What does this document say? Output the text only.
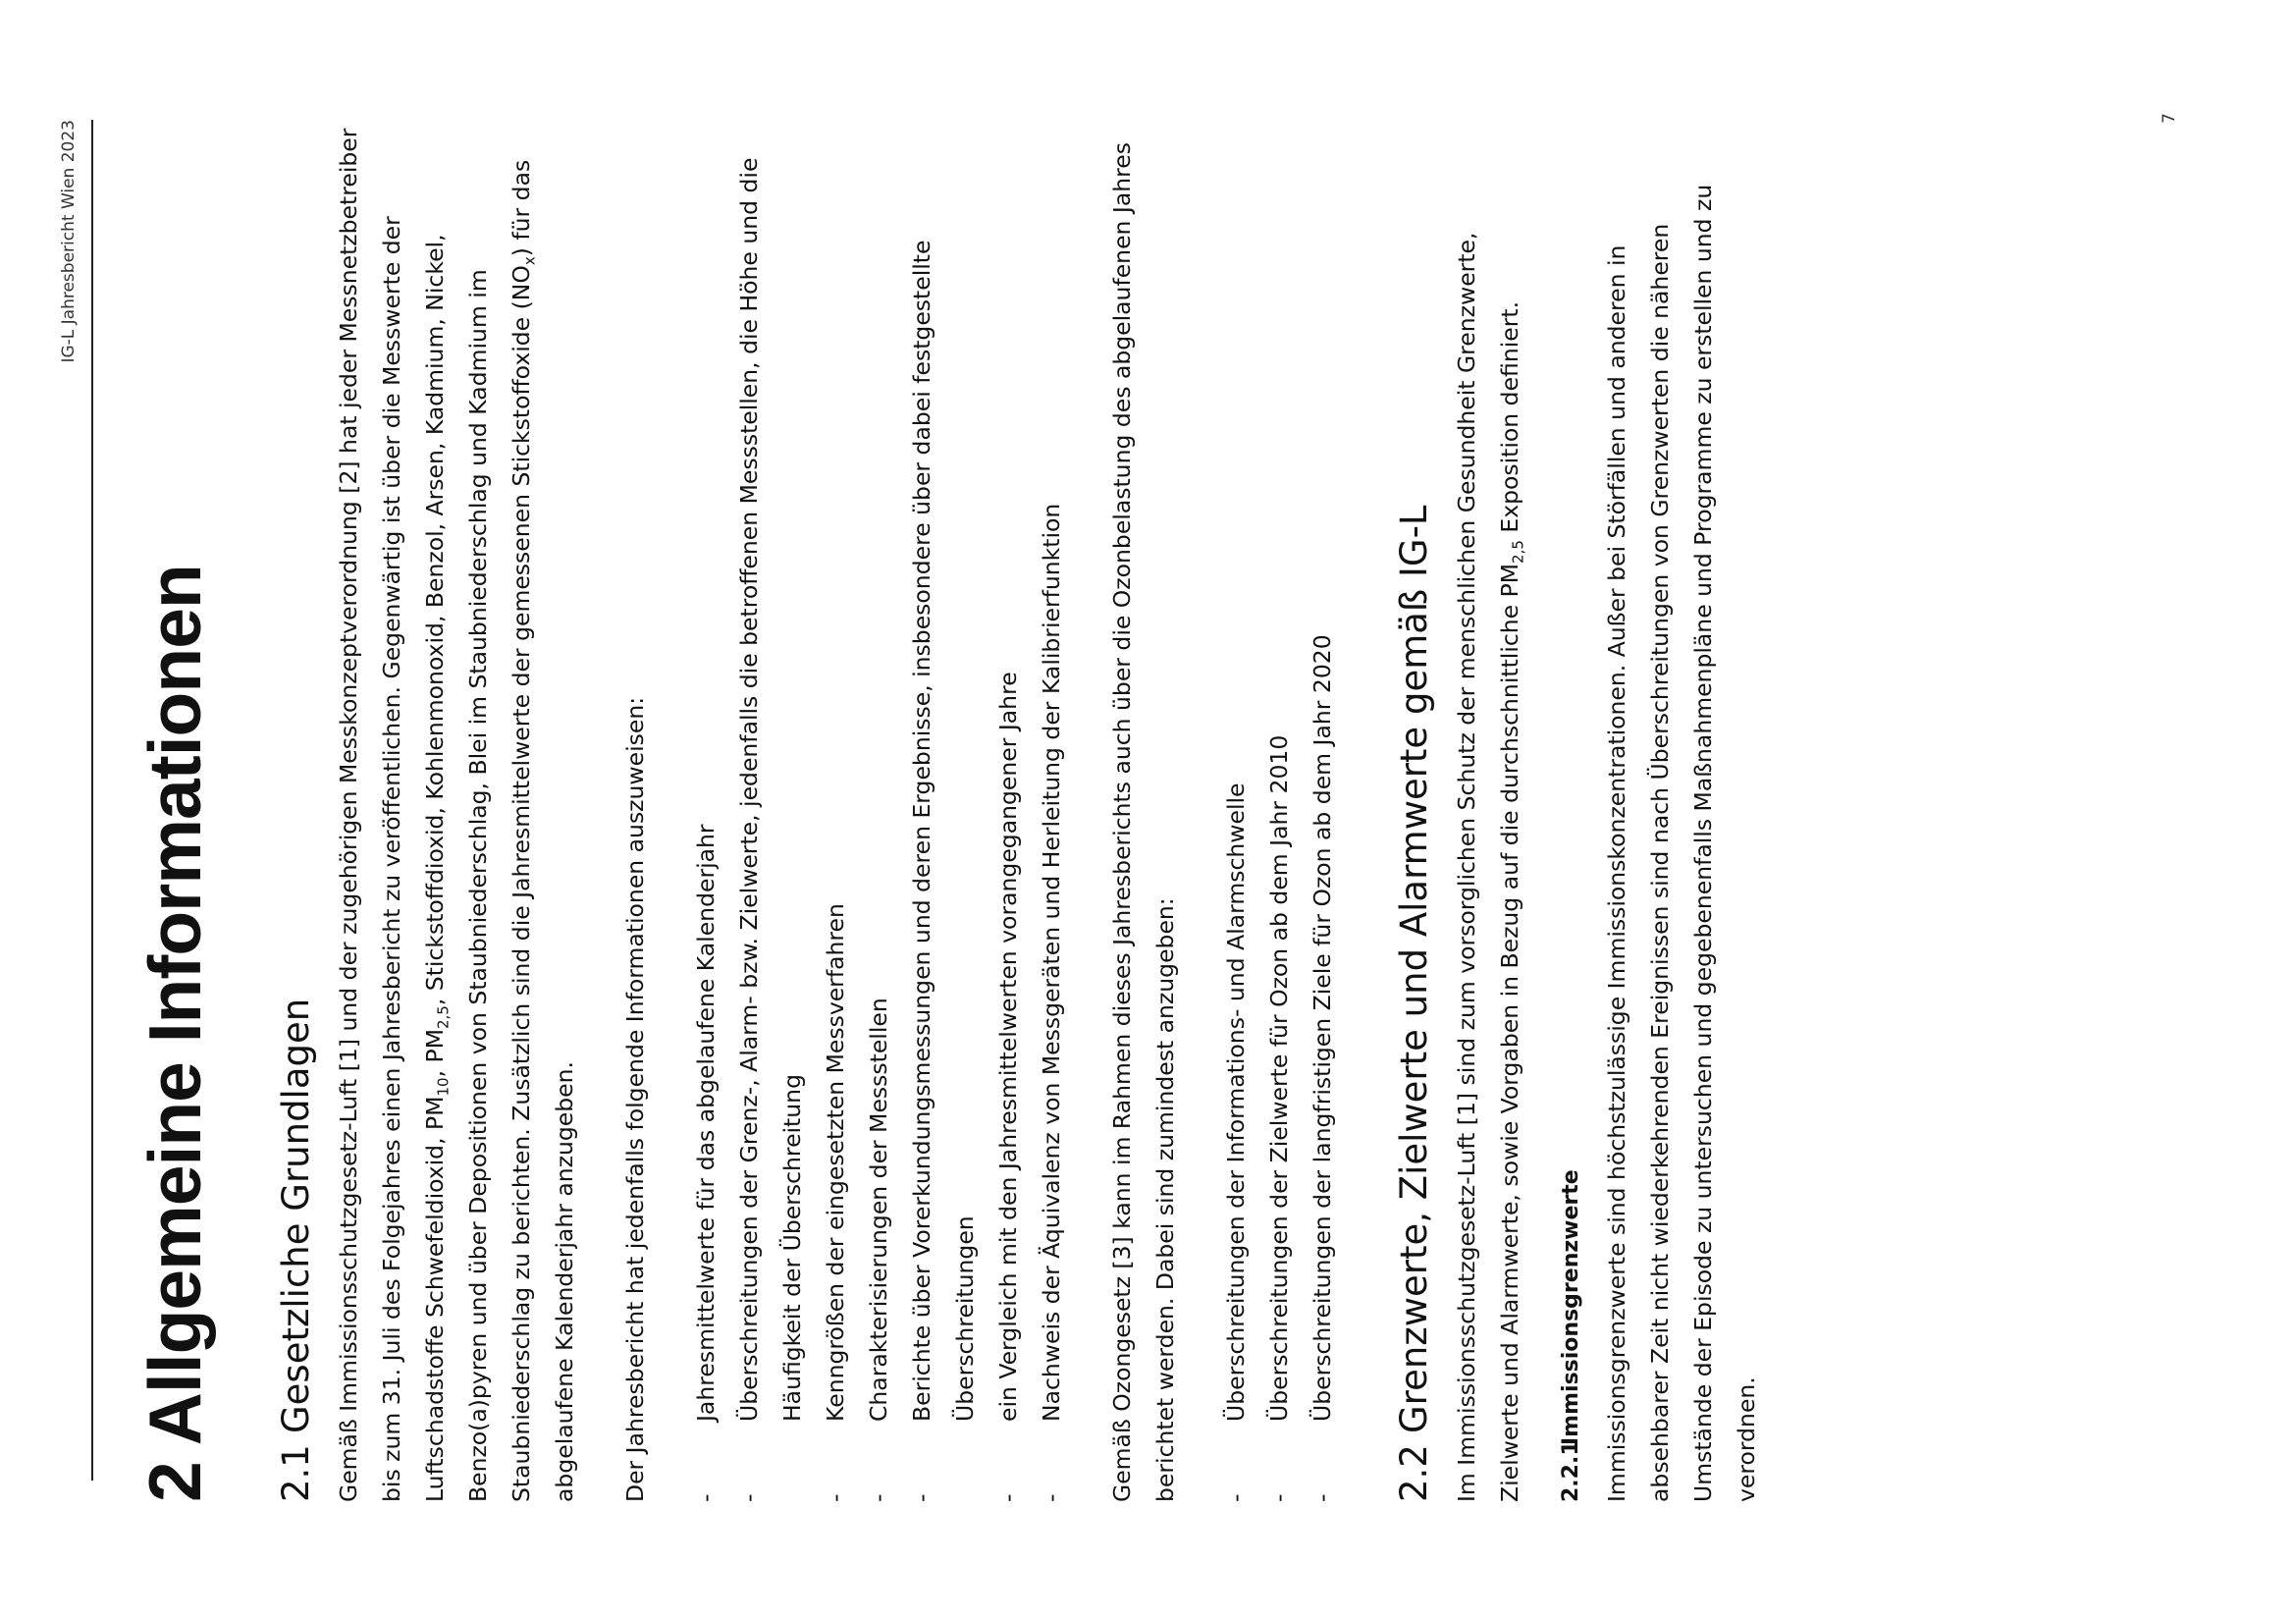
IG-L Jahresbericht Wien 2023
2 Allgemeine Informationen 2.1Gesetzliche Grundlagen Gemäß Immissionsschutzgesetz-Luft [1] und der zugehörigen Messkonzeptverordnung [2] hat jeder Messnetzbetreiber bis zum 31. Juli des Folgejahres einen Jahresbericht zu veröffentlichen. Gegenwärtig ist über die Messwerte der Luftschadstoffe Schwefeldioxid, $PM_{10}$, $PM_{2,5}$, Stickstoffdioxid, Kohlenmonoxid, Benzol, Arsen, Kadmium, Nickel, Benzo(a)pyren und über Depositionen von Staubniederschlag, Blei im Staubniederschlag und Kadmium im Staubniederschlag zu berichten. Zusätzlich sind die Jahresmittelwerte der gemessenen Stickstoffoxide $(NO_x)$ für das abgelaufene Kalenderjahr anzugeben.	Der Jahresbericht hat jedenfalls folgende Informationen auszuweisen:	- Jahresmittelwerte für das abgelaufene Kalenderjahr - Überschreitungen der Grenz-, Alarm- bzw. Zielwerte, jedenfalls die betroffenen Messstellen, die Höhe und die Häufigkeit der Überschreitung - Kenngrößen der eingesetzten Messverfahren - Charakterisierungen der Messstellen - Berichte über Vorerkundungsmessungen und deren Ergebnisse, insbesondere über dabei festgestellte Überschreitungen - ein Vergleich mit den Jahresmittelwerten vorangegangener Jahre - Nachweis der Äquivalenz von Messgeräten und Herleitung der Kalibrierfunktion	Gemäß Ozongesetz [3] kann im Rahmen dieses Jahresberichts auch über die Ozonbelastung des abgelaufenen Jahres berichtet werden. Dabei sind zumindest anzugeben:	- Überschreitungen der Informations- und Alarmschwelle - Überschreitungen der Zielwerte für Ozon ab dem Jahr 2010 - Überschreitungen der langfristigen Ziele für Ozon ab dem Jahr 2020
2.2Grenzwerte, Zielwerte und Alarmwerte gemäß IG-L Im Immissionsschutzgesetz-Luft [1] sind zum vorsorglichen Schutz der menschlichen Gesundheit Grenzwerte, Zielwerte und Alarmwerte, sowie Vorgaben in Bezug auf die durchschnittliche $PM_{2,5}$ Exposition definiert.

2.2.1Immissionsgrenzwerte Immissionsgrenzwerte sind höchstzulässige Immissionskonzentrationen. Außer bei Störfällen und anderen in absehbarer Zeit nicht wiederkehrenden Ereignissen sind nach Überschreitungen von Grenzwerten die näheren Umstände der Episode zu untersuchen und gegebenenfalls Maßnahmenpläne und Programme zu erstellen und zu verordnen.

7
